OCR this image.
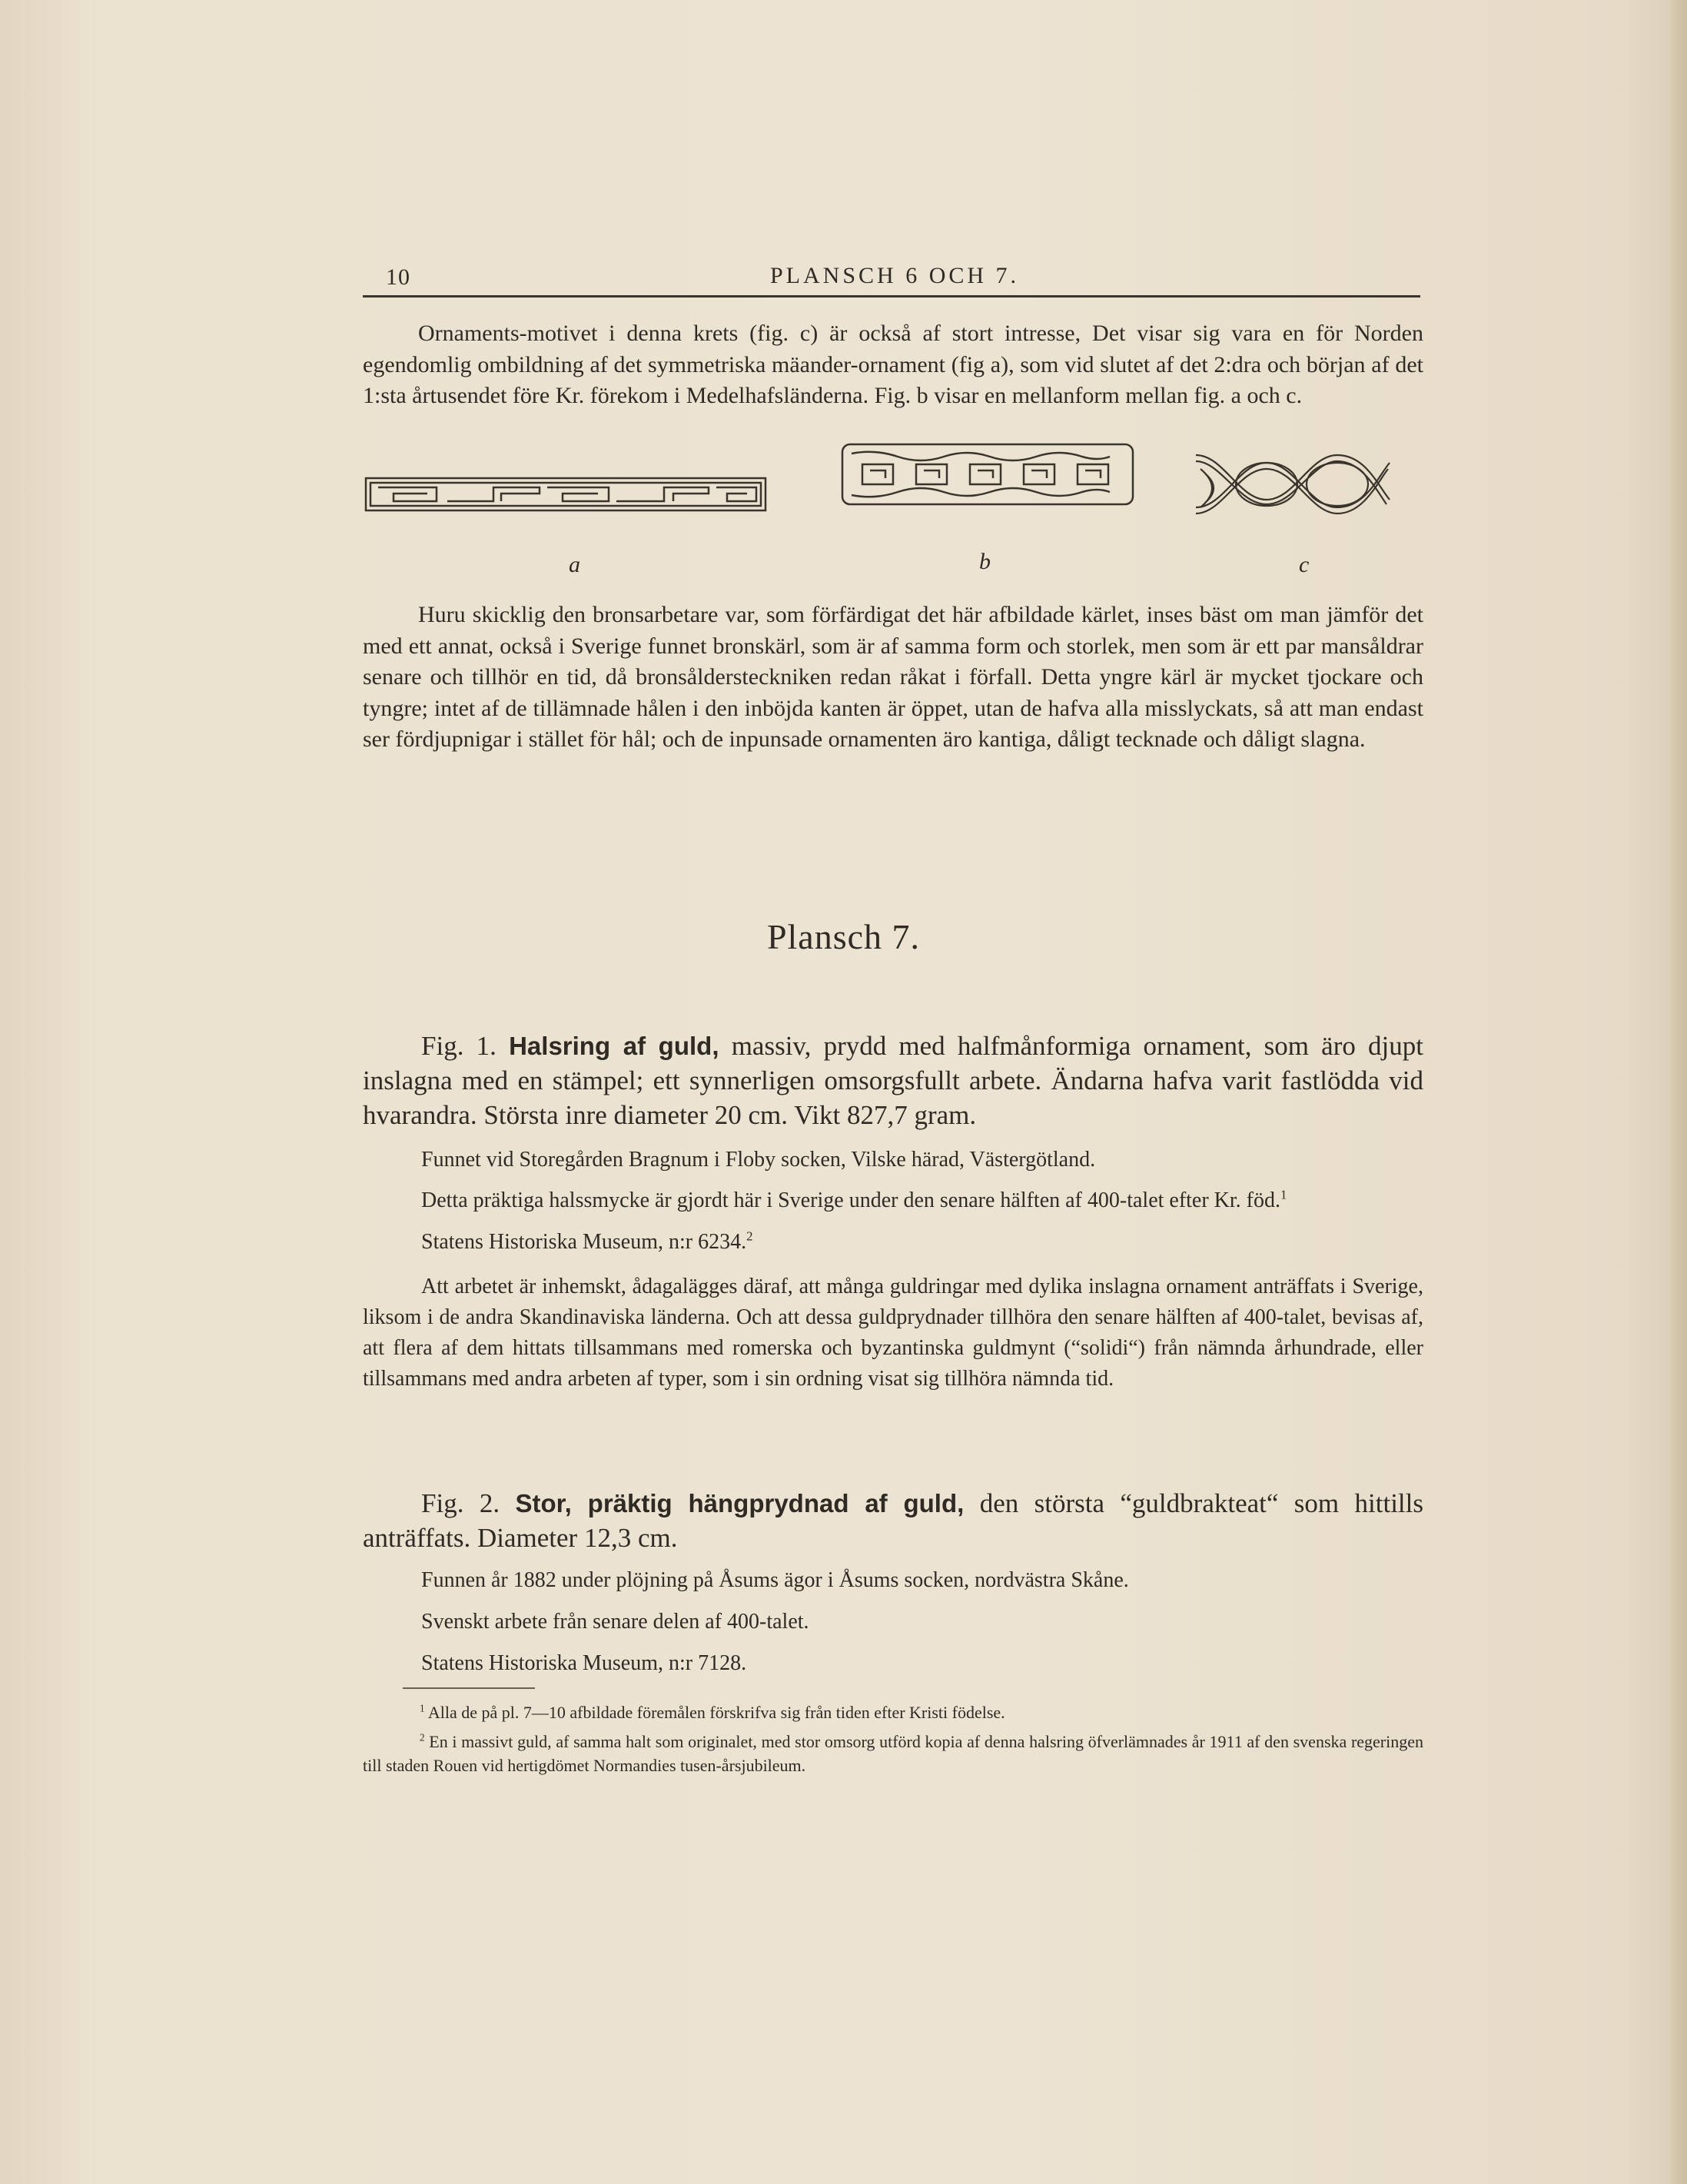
10	PLANSCH 6 OCH 7.

Ornaments-motivet i denna krets (fig. c) är också af stort intresse, Det visar sig vara en för Norden egendomlig ombildning af det symmetriska mäander-ornament (fig a), som vid slutet af det 2:dra och början af det 1:sta årtusendet före Kr. förekom i Medelhafsländerna. Fig. b visar en mellanform mellan fig. a och c.

a	b	c

Huru skicklig den bronsarbetare var, som förfärdigat det här afbildade kärlet, inses bäst om man jämför det med ett annat, också i Sverige funnet bronskärl, som är af samma form och storlek, men som är ett par mansåldrar senare och tillhör en tid, då bronsåldersteckniken redan råkat i förfall. Detta yngre kärl är mycket tjockare och tyngre; intet af de tillämnade hålen i den inböjda kanten är öppet, utan de hafva alla misslyckats, så att man endast ser fördjupnigar i stället för hål; och de inpunsade ornamenten äro kantiga, dåligt tecknade och dåligt slagna.

Plansch 7.

Fig. 1. Halsring af guld, massiv, prydd med halfmånformiga ornament, som äro djupt inslagna med en stämpel; ett synnerligen omsorgsfullt arbete. Ändarna hafva varit fastlödda vid hvarandra. Största inre diameter 20 cm. Vikt 827,7 gram.

Funnet vid Storegården Bragnum i Floby socken, Vilske härad, Västergötland.
Detta präktiga halssmycke är gjordt här i Sverige under den senare hälften af 400-talet efter Kr. föd.$^1$
Statens Historiska Museum, n:r 6234.$^2$

Att arbetet är inhemskt, ådagalägges däraf, att många guldringar med dylika inslagna ornament anträffats i Sverige, liksom i de andra Skandinaviska länderna. Och att dessa guldprydnader tillhöra den senare hälften af 400-talet, bevisas af, att flera af dem hittats tillsammans med romerska och byzantinska guldmynt (“solidi“) från nämnda århundrade, eller tillsammans med andra arbeten af typer, som i sin ordning visat sig tillhöra nämnda tid.

Fig. 2. Stor, präktig hängprydnad af guld, den största “guldbrakteat“ som hittills anträffats. Diameter 12,3 cm.

Funnen år 1882 under plöjning på Åsums ägor i Åsums socken, nordvästra Skåne.
Svenskt arbete från senare delen af 400-talet.
Statens Historiska Museum, n:r 7128.

$^1$ Alla de på pl. 7—10 afbildade föremålen förskrifva sig från tiden efter Kristi födelse.

$^2$ En i massivt guld, af samma halt som originalet, med stor omsorg utförd kopia af denna halsring öfverlämnades år 1911 af den svenska regeringen till staden Rouen vid hertigdömet Normandies tusen-årsjubileum.
